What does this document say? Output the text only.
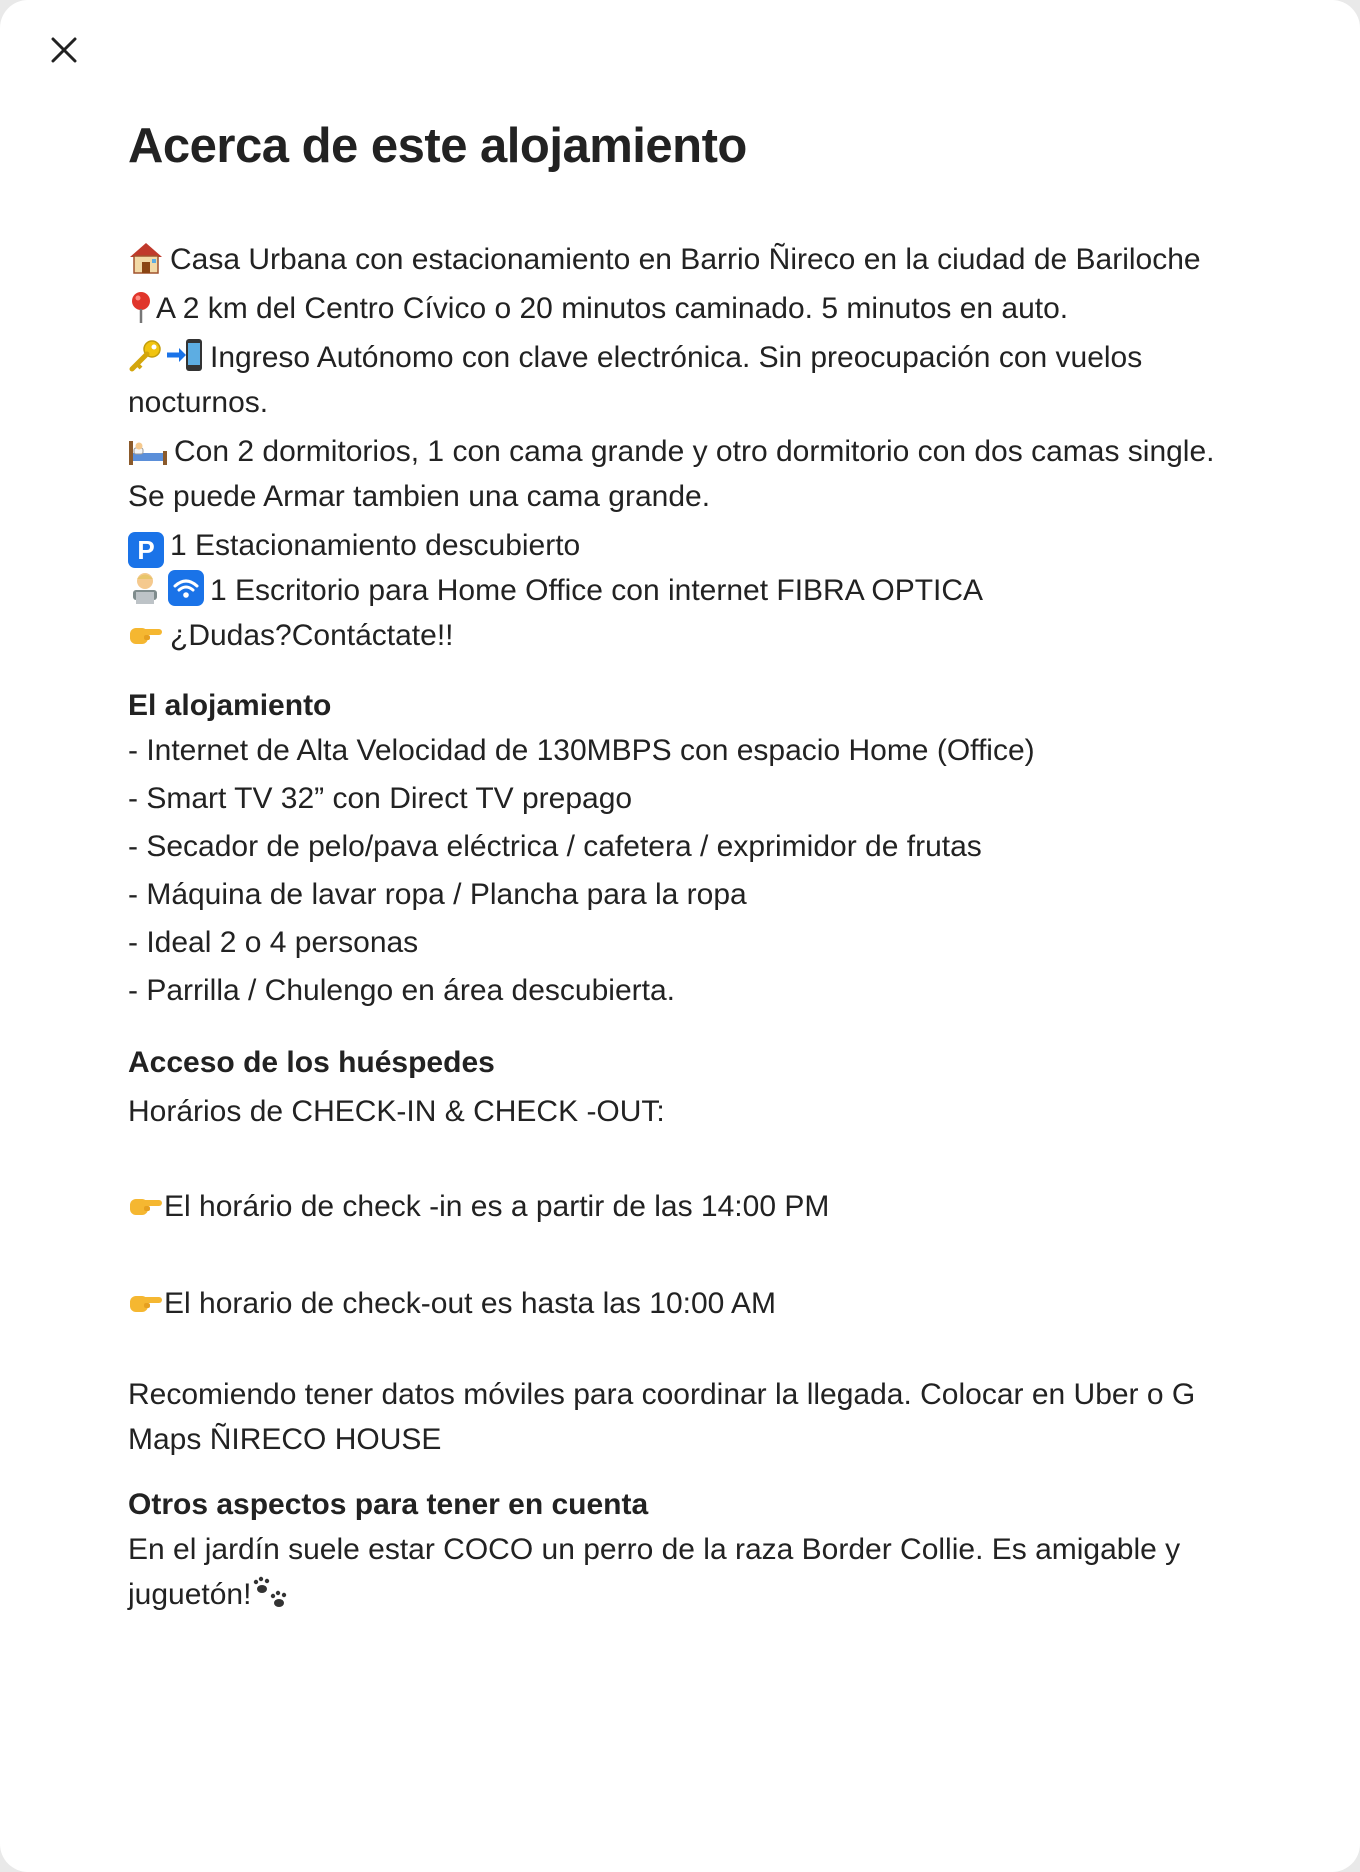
Acerca de este alojamiento

Casa Urbana con estacionamiento en Barrio Ñireco en la ciudad de Bariloche

A 2 km del Centro Cívico o 20 minutos caminado. 5 minutos en auto.

Ingreso Autónomo con clave electrónica. Sin preocupación con vuelos nocturnos.

Con 2 dormitorios, 1 con cama grande y otro dormitorio con dos camas single. Se puede Armar tambien una cama grande.

P 1 Estacionamiento descubierto

1 Escritorio para Home Office con internet FIBRA OPTICA

¿Dudas?Contáctate!!

El alojamiento

- Internet de Alta Velocidad de 130MBPS con espacio Home (Office)

- Smart TV 32” con Direct TV prepago

- Secador de pelo/pava eléctrica / cafetera / exprimidor de frutas

- Máquina de lavar ropa / Plancha para la ropa

- Ideal 2 o 4 personas

- Parrilla / Chulengo en área descubierta.

Acceso de los huéspedes

Horários de CHECK-IN & CHECK -OUT:

El horário de check -in es a partir de las 14:00 PM

El horario de check-out es hasta las 10:00 AM

Recomiendo tener datos móviles para coordinar la llegada. Colocar en Uber o G Maps ÑIRECO HOUSE

Otros aspectos para tener en cuenta

En el jardín suele estar COCO un perro de la raza Border Collie. Es amigable y juguetón!
